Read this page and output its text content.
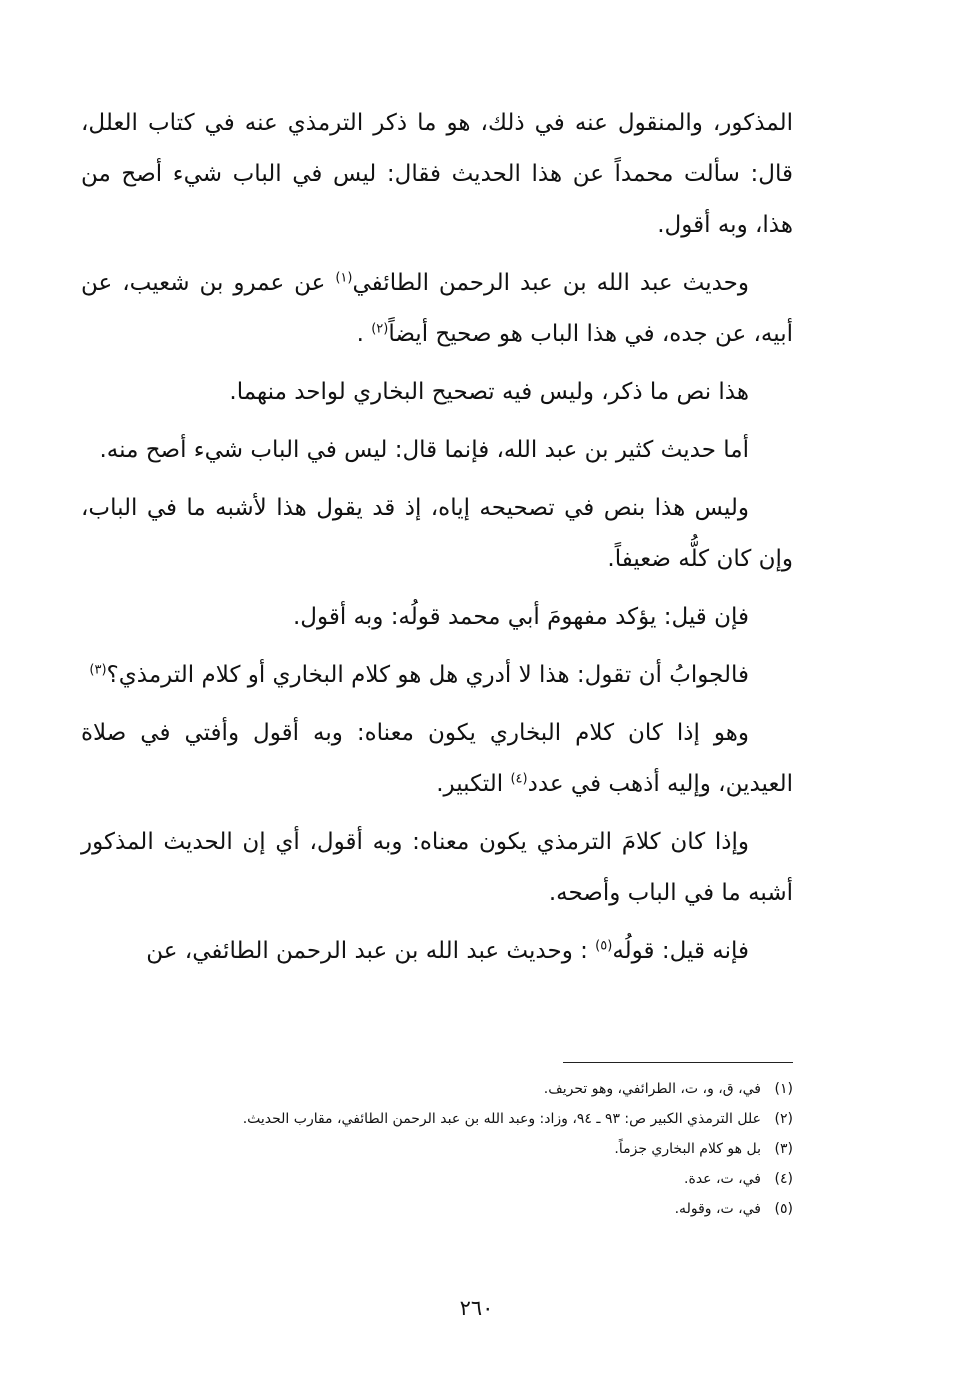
المذكور، والمنقول عنه في ذلك، هو ما ذكر الترمذي عنه في كتاب العلل، قال: سألت محمداً عن هذا الحديث فقال: ليس في الباب شيء أصح من هذا، وبه أقول.

وحديث عبد الله بن عبد الرحمن الطائفي$^{(١)}$ عن عمرو بن شعيب، عن أبيه، عن جده، في هذا الباب هو صحيح أيضاً$^{(٢)}$ .

هذا نص ما ذكر، وليس فيه تصحيح البخاري لواحد منهما.

أما حديث كثير بن عبد الله، فإنما قال: ليس في الباب شيء أصح منه.

وليس هذا بنص في تصحيحه إياه، إذ قد يقول هذا لأشبه ما في الباب، وإن كان كلُّه ضعيفاً.

فإن قيل: يؤكد مفهومَ أبي محمد قولُه: وبه أقول.

فالجوابُ أن تقول: هذا لا أدري هل هو كلام البخاري أو كلام الترمذي؟$^{(٣)}$

وهو إذا كان كلام البخاري يكون معناه: وبه أقول وأفتي في صلاة العيدين، وإليه أذهب في عدد$^{(٤)}$ التكبير.

وإذا كان كلامَ الترمذي يكون معناه: وبه أقول، أي إن الحديث المذكور أشبه ما في الباب وأصحه.

فإنه قيل: قولُه$^{(٥)}$ : وحديث عبد الله بن عبد الرحمن الطائفي، عن

(١)في، ق، و، ت، الطرائفي، وهو تحريف.
(٢)علل الترمذي الكبير ص: ٩٣ ـ ٩٤، وزاد: وعبد الله بن عبد الرحمن الطائفي، مقارب الحديث.
(٣)بل هو كلام البخاري جزماً.
(٤)في، ت، عدة.
(٥)في، ت، وقوله.
٢٦٠
